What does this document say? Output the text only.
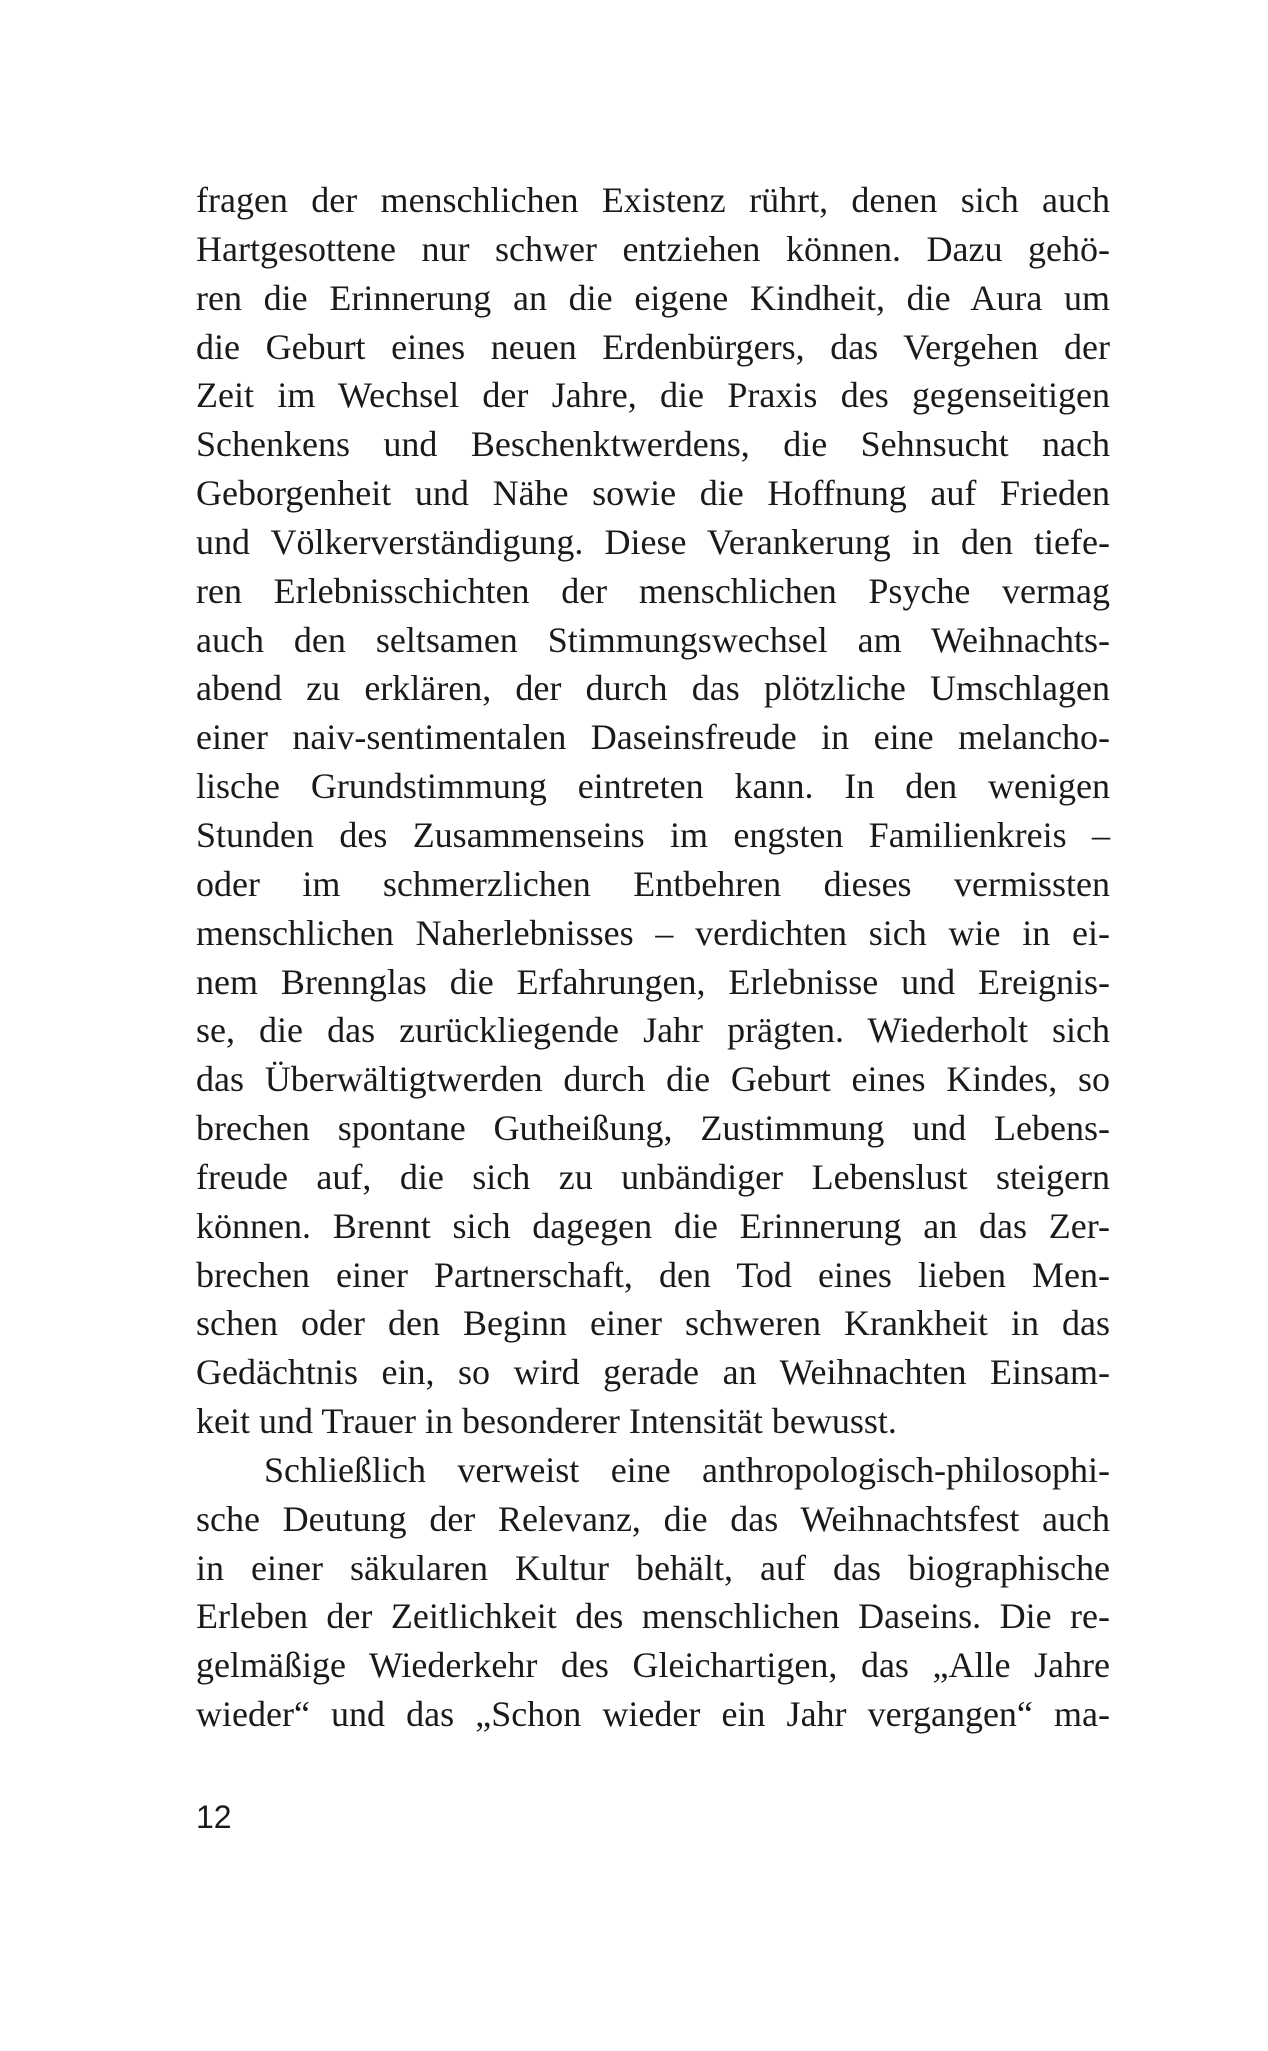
fragen der menschlichen Existenz rührt, denen sich auch
Hartgesottene nur schwer entziehen können. Dazu gehö-
ren die Erinnerung an die eigene Kindheit, die Aura um
die Geburt eines neuen Erdenbürgers, das Vergehen der
Zeit im Wechsel der Jahre, die Praxis des gegenseitigen
Schenkens und Beschenktwerdens, die Sehnsucht nach
Geborgenheit und Nähe sowie die Hoffnung auf Frieden
und Völkerverständigung. Diese Verankerung in den tiefe-
ren Erlebnisschichten der menschlichen Psyche vermag
auch den seltsamen Stimmungswechsel am Weihnachts-
abend zu erklären, der durch das plötzliche Umschlagen
einer naiv-sentimentalen Daseinsfreude in eine melancho-
lische Grundstimmung eintreten kann. In den wenigen
Stunden des Zusammenseins im engsten Familienkreis –
oder im schmerzlichen Entbehren dieses vermissten
menschlichen Naherlebnisses – verdichten sich wie in ei-
nem Brennglas die Erfahrungen, Erlebnisse und Ereignis-
se, die das zurückliegende Jahr prägten. Wiederholt sich
das Überwältigtwerden durch die Geburt eines Kindes, so
brechen spontane Gutheißung, Zustimmung und Lebens-
freude auf, die sich zu unbändiger Lebenslust steigern
können. Brennt sich dagegen die Erinnerung an das Zer-
brechen einer Partnerschaft, den Tod eines lieben Men-
schen oder den Beginn einer schweren Krankheit in das
Gedächtnis ein, so wird gerade an Weihnachten Einsam-
keit und Trauer in besonderer Intensität bewusst.
Schließlich verweist eine anthropologisch-philosophi-
sche Deutung der Relevanz, die das Weihnachtsfest auch
in einer säkularen Kultur behält, auf das biographische
Erleben der Zeitlichkeit des menschlichen Daseins. Die re-
gelmäßige Wiederkehr des Gleichartigen, das „Alle Jahre
wieder“ und das „Schon wieder ein Jahr vergangen“ ma-
12
